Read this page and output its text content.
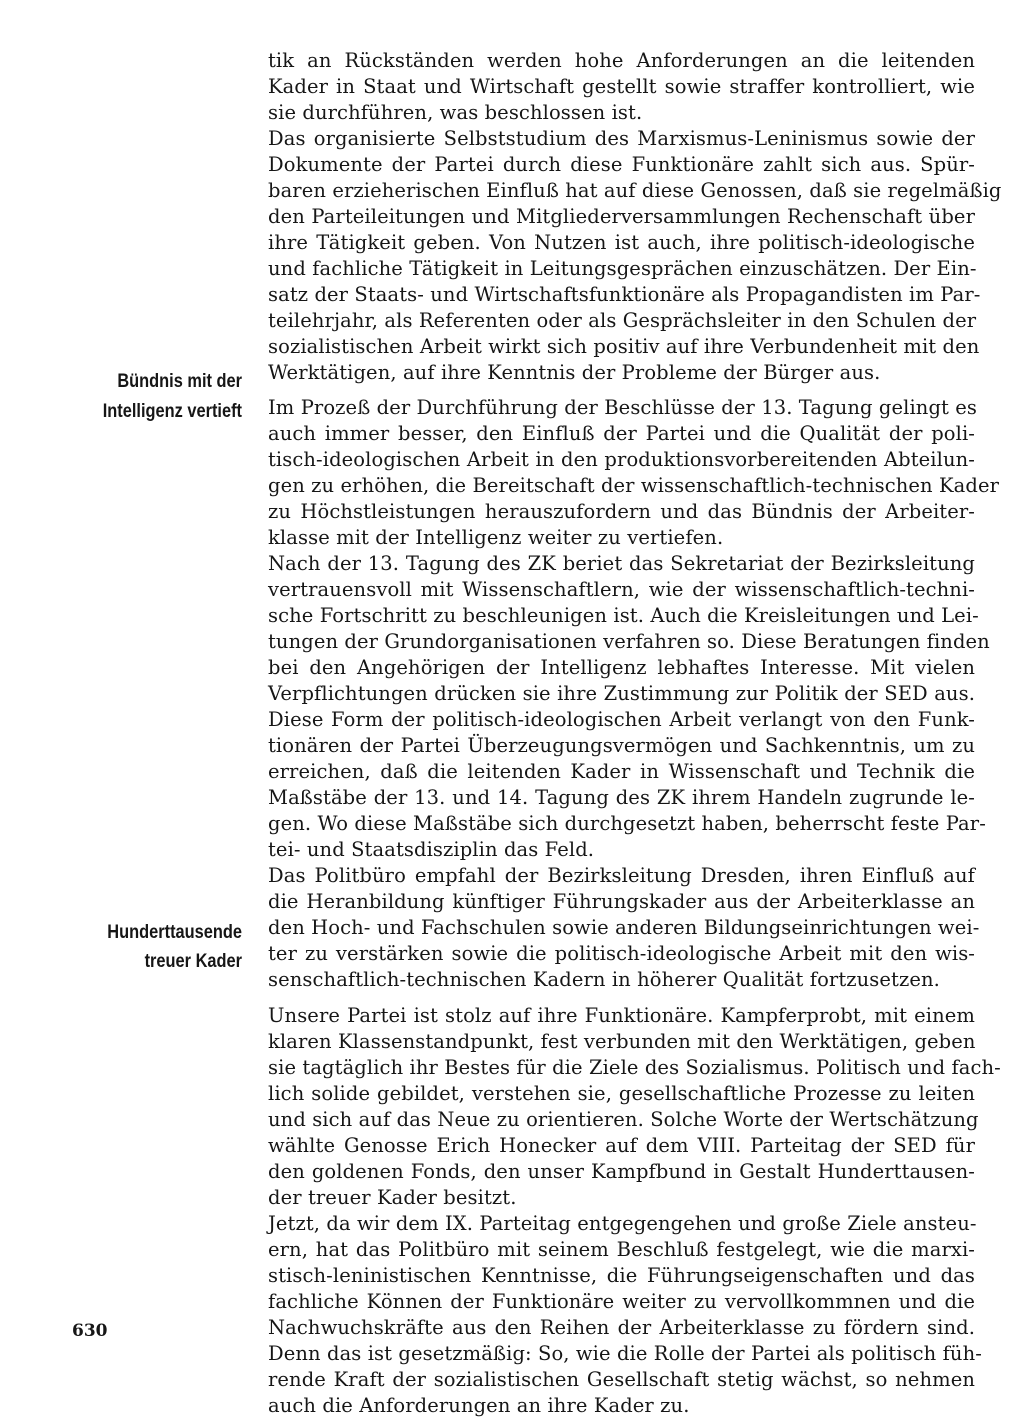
tik an Rückständen werden hohe Anforderungen an die leitenden
Kader in Staat und Wirtschaft gestellt sowie straffer kontrolliert, wie
sie durchführen, was beschlossen ist.
Das organisierte Selbststudium des Marxismus-Leninismus sowie der
Dokumente der Partei durch diese Funktionäre zahlt sich aus. Spür-
baren erzieherischen Einfluß hat auf diese Genossen, daß sie regelmäßig
den Parteileitungen und Mitgliederversammlungen Rechenschaft über
ihre Tätigkeit geben. Von Nutzen ist auch, ihre politisch-ideologische
und fachliche Tätigkeit in Leitungsgesprächen einzuschätzen. Der Ein-
satz der Staats- und Wirtschaftsfunktionäre als Propagandisten im Par-
teilehrjahr, als Referenten oder als Gesprächsleiter in den Schulen der
sozialistischen Arbeit wirkt sich positiv auf ihre Verbundenheit mit den
Werktätigen, auf ihre Kenntnis der Probleme der Bürger aus.
Im Prozeß der Durchführung der Beschlüsse der 13. Tagung gelingt es
auch immer besser, den Einfluß der Partei und die Qualität der poli-
tisch-ideologischen Arbeit in den produktionsvorbereitenden Abteilun-
gen zu erhöhen, die Bereitschaft der wissenschaftlich-technischen Kader
zu Höchstleistungen herauszufordern und das Bündnis der Arbeiter-
klasse mit der Intelligenz weiter zu vertiefen.
Nach der 13. Tagung des ZK beriet das Sekretariat der Bezirksleitung
vertrauensvoll mit Wissenschaftlern, wie der wissenschaftlich-techni-
sche Fortschritt zu beschleunigen ist. Auch die Kreisleitungen und Lei-
tungen der Grundorganisationen verfahren so. Diese Beratungen finden
bei den Angehörigen der Intelligenz lebhaftes Interesse. Mit vielen
Verpflichtungen drücken sie ihre Zustimmung zur Politik der SED aus.
Diese Form der politisch-ideologischen Arbeit verlangt von den Funk-
tionären der Partei Überzeugungsvermögen und Sachkenntnis, um zu
erreichen, daß die leitenden Kader in Wissenschaft und Technik die
Maßstäbe der 13. und 14. Tagung des ZK ihrem Handeln zugrunde le-
gen. Wo diese Maßstäbe sich durchgesetzt haben, beherrscht feste Par-
tei- und Staatsdisziplin das Feld.
Das Politbüro empfahl der Bezirksleitung Dresden, ihren Einfluß auf
die Heranbildung künftiger Führungskader aus der Arbeiterklasse an
den Hoch- und Fachschulen sowie anderen Bildungseinrichtungen wei-
ter zu verstärken sowie die politisch-ideologische Arbeit mit den wis-
senschaftlich-technischen Kadern in höherer Qualität fortzusetzen.
Unsere Partei ist stolz auf ihre Funktionäre. Kampferprobt, mit einem
klaren Klassenstandpunkt, fest verbunden mit den Werktätigen, geben
sie tagtäglich ihr Bestes für die Ziele des Sozialismus. Politisch und fach-
lich solide gebildet, verstehen sie, gesellschaftliche Prozesse zu leiten
und sich auf das Neue zu orientieren. Solche Worte der Wertschätzung
wählte Genosse Erich Honecker auf dem VIII. Parteitag der SED für
den goldenen Fonds, den unser Kampfbund in Gestalt Hunderttausen-
der treuer Kader besitzt.
Jetzt, da wir dem IX. Parteitag entgegengehen und große Ziele ansteu-
ern, hat das Politbüro mit seinem Beschluß festgelegt, wie die marxi-
stisch-leninistischen Kenntnisse, die Führungseigenschaften und das
fachliche Können der Funktionäre weiter zu vervollkommnen und die
Nachwuchskräfte aus den Reihen der Arbeiterklasse zu fördern sind.
Denn das ist gesetzmäßig: So, wie die Rolle der Partei als politisch füh-
rende Kraft der sozialistischen Gesellschaft stetig wächst, so nehmen
auch die Anforderungen an ihre Kader zu.
Bündnis mit der
Intelligenz vertieft
Hunderttausende
treuer Kader
630
